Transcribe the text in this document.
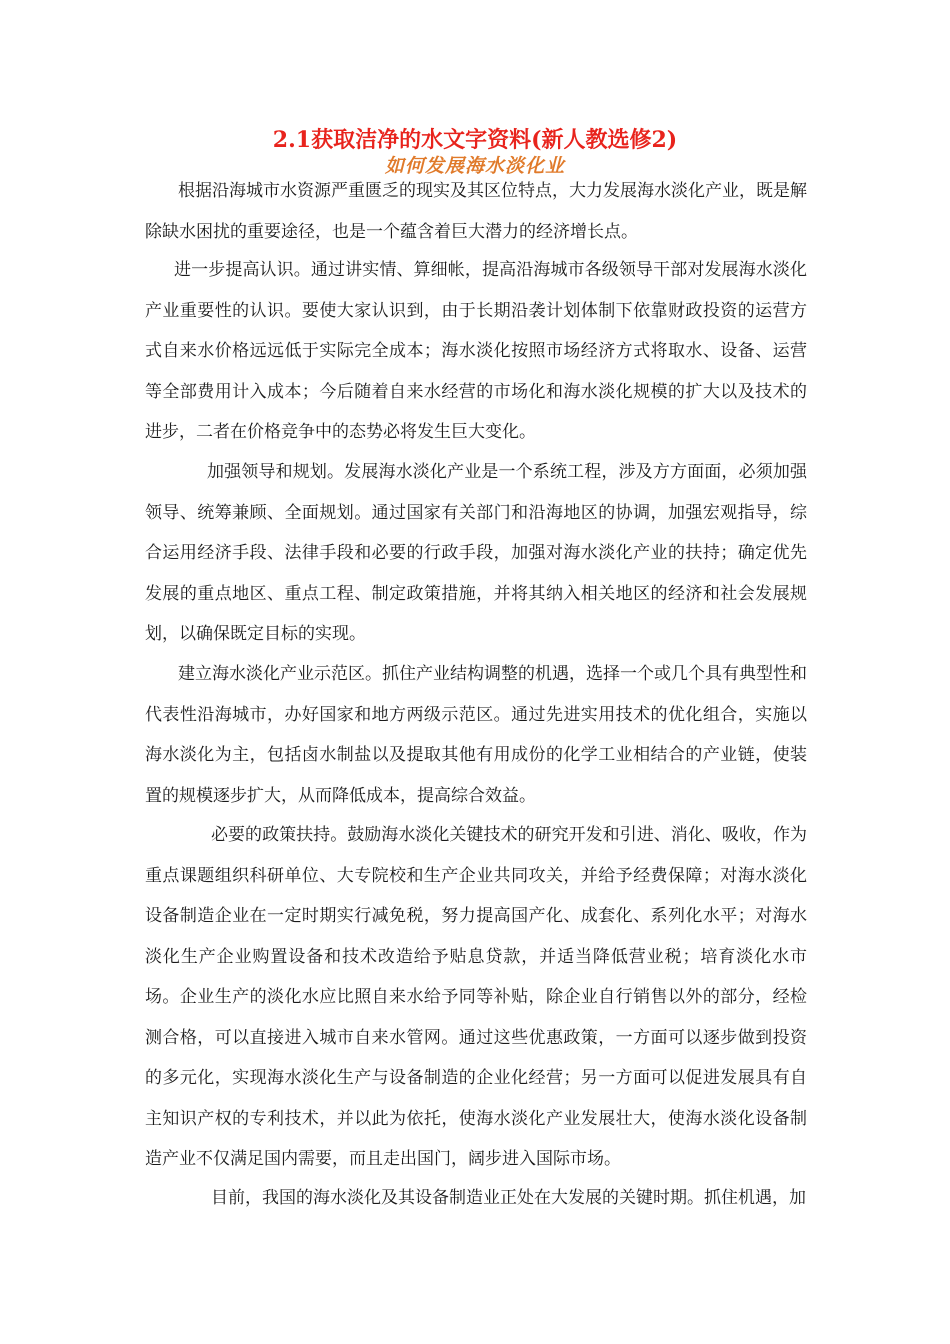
2.1获取洁净的水文字资料(新人教选修2)
如何发展海水淡化业

根据沿海城市水资源严重匮乏的现实及其区位特点，大力发展海水淡化产业，既是解除缺水困扰的重要途径，也是一个蕴含着巨大潜力的经济增长点。

进一步提高认识。通过讲实情、算细帐，提高沿海城市各级领导干部对发展海水淡化产业重要性的认识。要使大家认识到，由于长期沿袭计划体制下依靠财政投资的运营方式自来水价格远远低于实际完全成本；海水淡化按照市场经济方式将取水、设备、运营等全部费用计入成本；今后随着自来水经营的市场化和海水淡化规模的扩大以及技术的进步，二者在价格竞争中的态势必将发生巨大变化。

加强领导和规划。发展海水淡化产业是一个系统工程，涉及方方面面，必须加强领导、统筹兼顾、全面规划。通过国家有关部门和沿海地区的协调，加强宏观指导，综合运用经济手段、法律手段和必要的行政手段，加强对海水淡化产业的扶持；确定优先发展的重点地区、重点工程、制定政策措施，并将其纳入相关地区的经济和社会发展规划，以确保既定目标的实现。

建立海水淡化产业示范区。抓住产业结构调整的机遇，选择一个或几个具有典型性和代表性沿海城市，办好国家和地方两级示范区。通过先进实用技术的优化组合，实施以海水淡化为主，包括卤水制盐以及提取其他有用成份的化学工业相结合的产业链，使装置的规模逐步扩大，从而降低成本，提高综合效益。

必要的政策扶持。鼓励海水淡化关键技术的研究开发和引进、消化、吸收，作为重点课题组织科研单位、大专院校和生产企业共同攻关，并给予经费保障；对海水淡化设备制造企业在一定时期实行减免税，努力提高国产化、成套化、系列化水平；对海水淡化生产企业购置设备和技术改造给予贴息贷款，并适当降低营业税；培育淡化水市场。企业生产的淡化水应比照自来水给予同等补贴，除企业自行销售以外的部分，经检测合格，可以直接进入城市自来水管网。通过这些优惠政策，一方面可以逐步做到投资的多元化，实现海水淡化生产与设备制造的企业化经营；另一方面可以促进发展具有自主知识产权的专利技术，并以此为依托，使海水淡化产业发展壮大，使海水淡化设备制造产业不仅满足国内需要，而且走出国门，阔步进入国际市场。

目前，我国的海水淡化及其设备制造业正处在大发展的关键时期。抓住机遇，加
